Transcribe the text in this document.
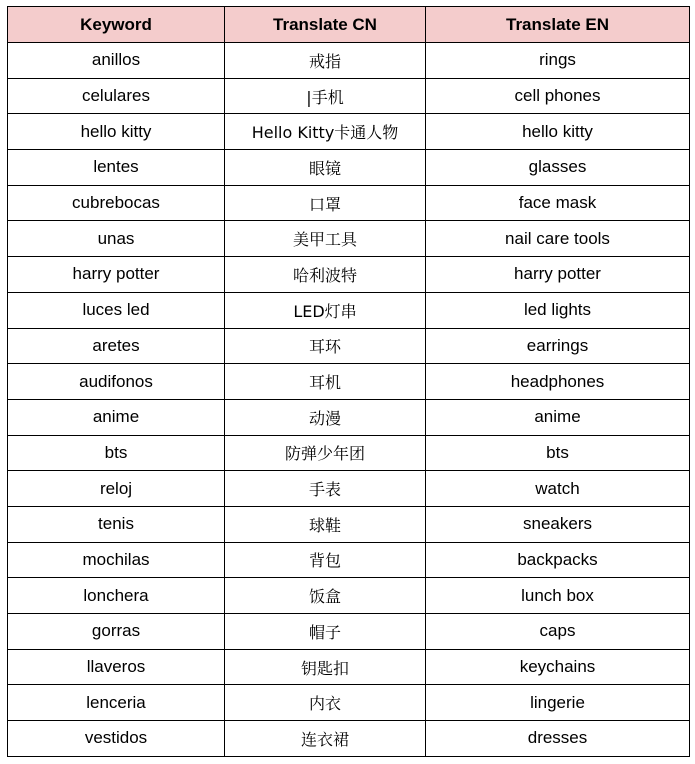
Keyword	Translate CN	Translate EN
anillos	戒指	rings
celulares	|手机	cell phones
hello kitty	Hello Kitty卡通人物	hello kitty
lentes	眼镜	glasses
cubrebocas	口罩	face mask
unas	美甲工具	nail care tools
harry potter	哈利波特	harry potter
luces led	LED灯串	led lights
aretes	耳环	earrings
audifonos	耳机	headphones
anime	动漫	anime
bts	防弹少年团	bts
reloj	手表	watch
tenis	球鞋	sneakers
mochilas	背包	backpacks
lonchera	饭盒	lunch box
gorras	帽子	caps
llaveros	钥匙扣	keychains
lenceria	内衣	lingerie
vestidos	连衣裙	dresses
